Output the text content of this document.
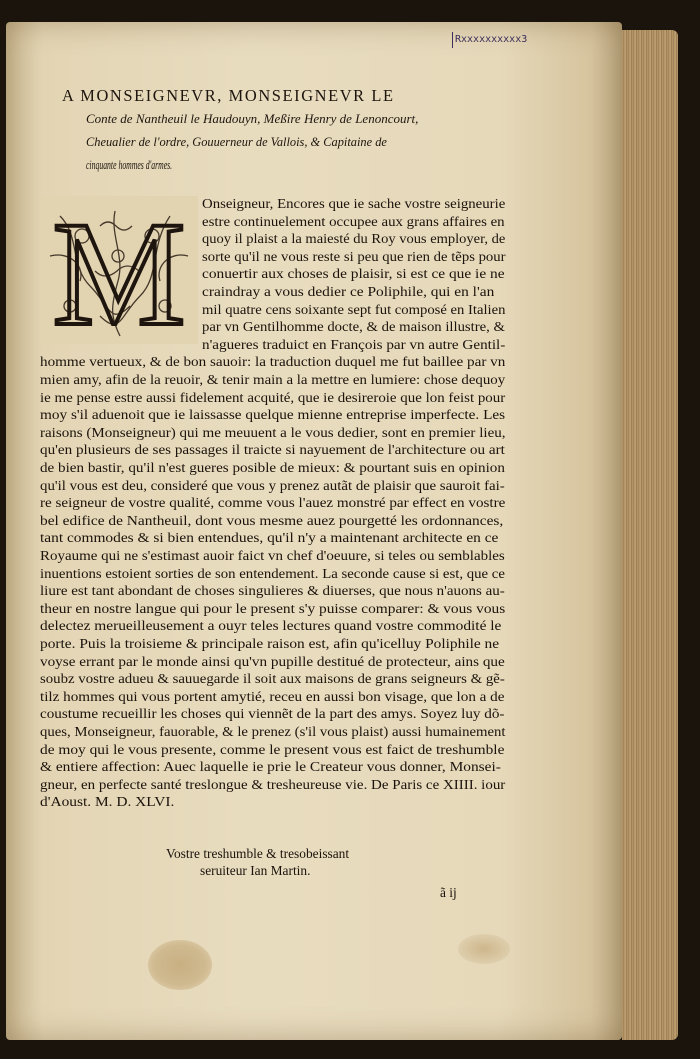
Rxxxxxxxxxx3
A MONSEIGNEVR, MONSEIGNEVR LE
Conte de Nantheuil le Haudouyn, Meßire Henry de Lenoncourt,
Cheualier de l'ordre, Gouuerneur de Vallois, & Capitaine de
cinquante hommes d'armes.
M Onseigneur, Encores que ie sache vostre seigneurie
estre continuelement occupee aux grans affaires en
quoy il plaist a la maiesté du Roy vous employer, de
sorte qu'il ne vous reste si peu que rien de tẽps pour
conuertir aux choses de plaisir, si est ce que ie ne
craindray a vous dedier ce Poliphile, qui en l'an
mil quatre cens soixante sept fut composé en Italien
par vn Gentilhomme docte, & de maison illustre, &
n'agueres traduict en François par vn autre Gentil-
homme vertueux, & de bon sauoir: la traduction duquel me fut baillee par vn
mien amy, afin de la reuoir, & tenir main a la mettre en lumiere: chose dequoy
ie me pense estre aussi fidelement acquité, que ie desireroie que lon feist pour
moy s'il aduenoit que ie laissasse quelque mienne entreprise imperfecte. Les
raisons (Monseigneur) qui me meuuent a le vous dedier, sont en premier lieu,
qu'en plusieurs de ses passages il traicte si nayuement de l'architecture ou art
de bien bastir, qu'il n'est gueres posible de mieux: & pourtant suis en opinion
qu'il vous est deu, consideré que vous y prenez autãt de plaisir que sauroit fai-
re seigneur de vostre qualité, comme vous l'auez monstré par effect en vostre
bel edifice de Nantheuil, dont vous mesme auez pourgetté les ordonnances,
tant commodes & si bien entendues, qu'il n'y a maintenant architecte en ce
Royaume qui ne s'estimast auoir faict vn chef d'oeuure, si teles ou semblables
inuentions estoient sorties de son entendement. La seconde cause si est, que ce
liure est tant abondant de choses singulieres & diuerses, que nous n'auons au-
theur en nostre langue qui pour le present s'y puisse comparer: & vous vous
delectez merueilleusement a ouyr teles lectures quand vostre commodité le
porte. Puis la troisieme & principale raison est, afin qu'icelluy Poliphile ne
voyse errant par le monde ainsi qu'vn pupille destitué de protecteur, ains que
soubz vostre adueu & sauuegarde il soit aux maisons de grans seigneurs & gẽ-
tilz hommes qui vous portent amytié, receu en aussi bon visage, que lon a de
coustume recueillir les choses qui viennẽt de la part des amys. Soyez luy dõ-
ques, Monseigneur, fauorable, & le prenez (s'il vous plaist) aussi humainement
de moy qui le vous presente, comme le present vous est faict de treshumble
& entiere affection: Auec laquelle ie prie le Createur vous donner, Monsei-
gneur, en perfecte santé treslongue & tresheureuse vie. De Paris ce XIIII. iour
d'Aoust. M. D. XLVI.
Vostre treshumble & tresobeissant
seruiteur Ian Martin.
ã ij
